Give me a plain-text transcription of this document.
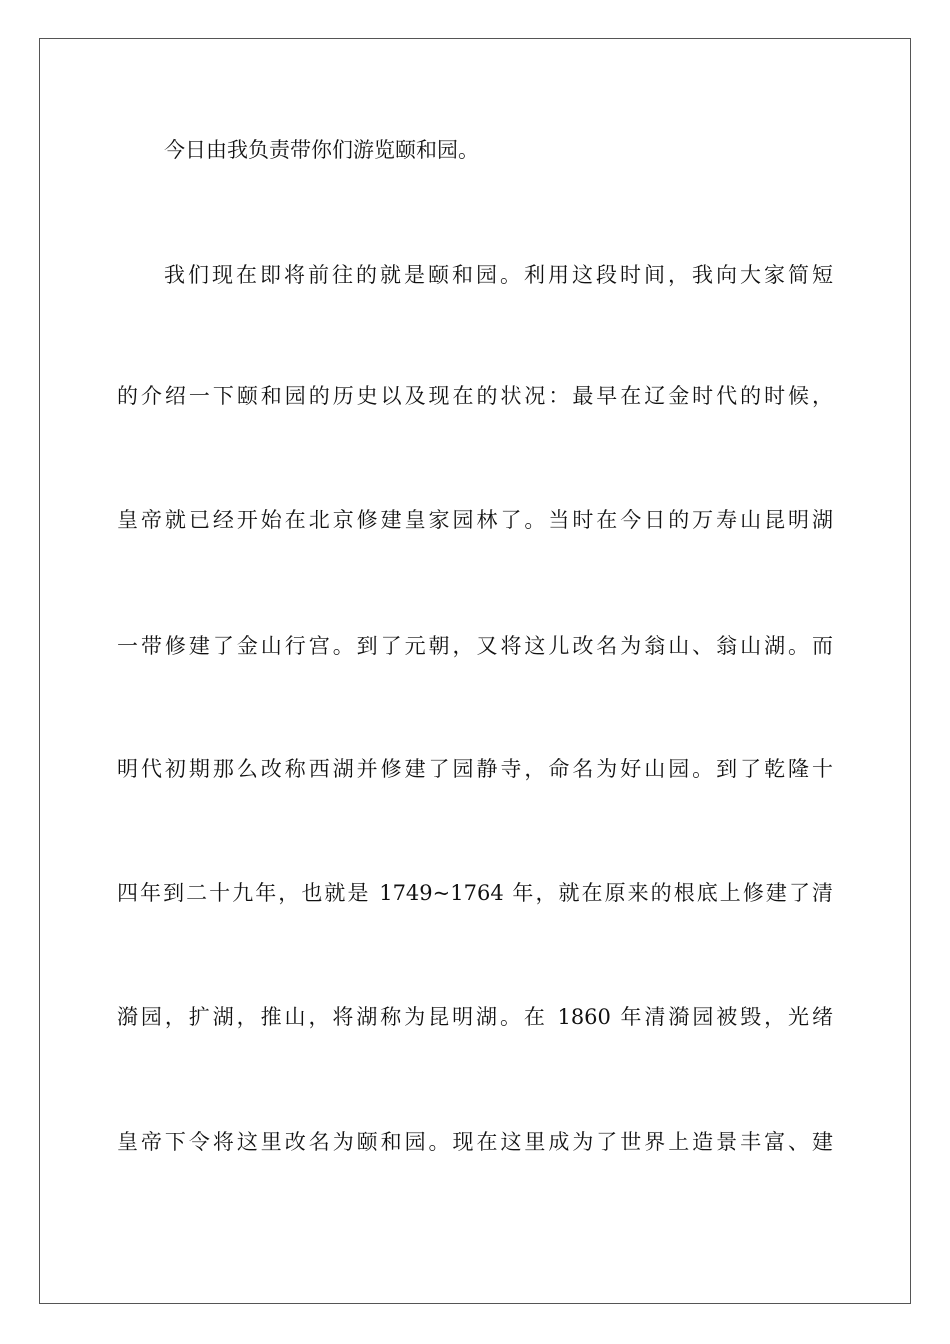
今日由我负责带你们游览颐和园。
我们现在即将前往的就是颐和园。利用这段时间，我向大家简短
的介绍一下颐和园的历史以及现在的状况：最早在辽金时代的时候，
皇帝就已经开始在北京修建皇家园林了。当时在今日的万寿山昆明湖
一带修建了金山行宫。到了元朝，又将这儿改名为翁山、翁山湖。而
明代初期那么改称西湖并修建了园静寺，命名为好山园。到了乾隆十
四年到二十九年，也就是 1749~1764 年，就在原来的根底上修建了清
漪园，扩湖，推山，将湖称为昆明湖。在 1860 年清漪园被毁，光绪
皇帝下令将这里改名为颐和园。现在这里成为了世界上造景丰富、建
